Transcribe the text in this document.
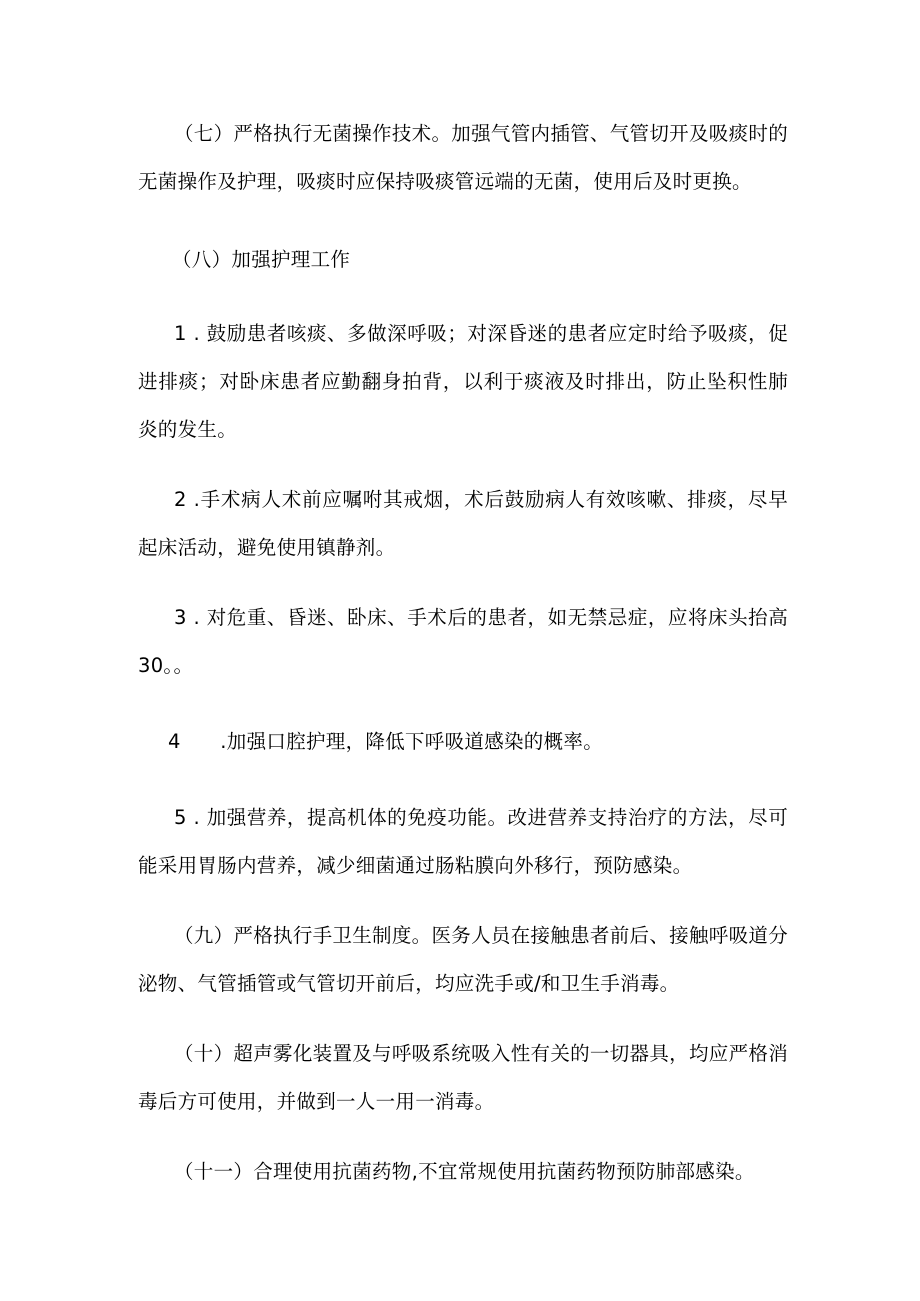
（七）严格执行无菌操作技术。加强气管内插管、气管切开及吸痰时的无菌操作及护理，吸痰时应保持吸痰管远端的无菌，使用后及时更换。

（八）加强护理工作

1 . 鼓励患者咳痰、多做深呼吸；对深昏迷的患者应定时给予吸痰，促进排痰；对卧床患者应勤翻身拍背，以利于痰液及时排出，防止坠积性肺炎的发生。

2 .手术病人术前应嘱咐其戒烟，术后鼓励病人有效咳嗽、排痰，尽早起床活动，避免使用镇静剂。

3 . 对危重、昏迷、卧床、手术后的患者，如无禁忌症，应将床头抬高30。。

4　　.加强口腔护理，降低下呼吸道感染的概率。

5 . 加强营养，提高机体的免疫功能。改进营养支持治疗的方法，尽可能采用胃肠内营养，减少细菌通过肠粘膜向外移行，预防感染。

（九）严格执行手卫生制度。医务人员在接触患者前后、接触呼吸道分泌物、气管插管或气管切开前后，均应洗手或/和卫生手消毒。

（十）超声雾化装置及与呼吸系统吸入性有关的一切器具，均应严格消毒后方可使用，并做到一人一用一消毒。

（十一）合理使用抗菌药物,不宜常规使用抗菌药物预防肺部感染。
